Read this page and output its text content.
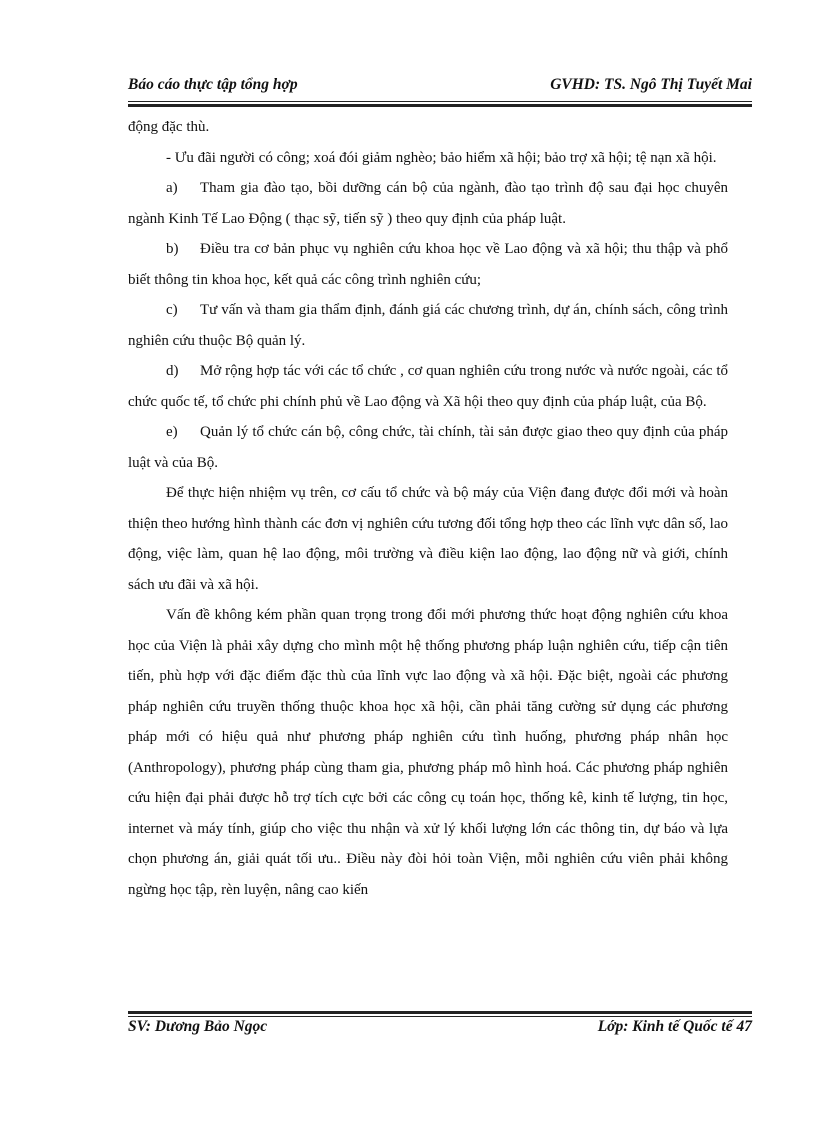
Báo cáo thực tập tổng hợp	GVHD: TS. Ngô Thị Tuyết Mai

động đặc thù.

- Ưu đãi người có công; xoá đói giảm nghèo; bảo hiểm xã hội; bảo trợ xã hội; tệ nạn xã hội.

a) Tham gia đào tạo, bồi dưỡng cán bộ của ngành, đào tạo trình độ sau đại học chuyên ngành Kinh Tế Lao Động ( thạc sỹ, tiến sỹ ) theo quy định của pháp luật.

b) Điều tra cơ bản phục vụ nghiên cứu khoa học về Lao động và xã hội; thu thập và phổ biết thông tin khoa học, kết quả các công trình nghiên cứu;

c) Tư vấn và tham gia thẩm định, đánh giá các chương trình, dự án, chính sách, công trình nghiên cứu thuộc Bộ quản lý.

d) Mở rộng hợp tác với các tổ chức , cơ quan nghiên cứu trong nước và nước ngoài, các tổ chức quốc tế, tổ chức phi chính phủ về Lao động và Xã hội theo quy định của pháp luật, của Bộ.

e) Quản lý tổ chức cán bộ, công chức, tài chính, tài sản được giao theo quy định của pháp luật và của Bộ.

Để thực hiện nhiệm vụ trên, cơ cấu tổ chức và bộ máy của Viện đang được đổi mới và hoàn thiện theo hướng hình thành các đơn vị nghiên cứu tương đối tổng hợp theo các lĩnh vực dân số, lao động, việc làm, quan hệ lao động, môi trường và điều kiện lao động, lao động nữ và giới, chính sách ưu đãi và xã hội.

Vấn đề không kém phần quan trọng trong đổi mới phương thức hoạt động nghiên cứu khoa học của Viện là phải xây dựng cho mình một hệ thống phương pháp luận nghiên cứu, tiếp cận tiên tiến, phù hợp với đặc điểm đặc thù của lĩnh vực lao động và xã hội. Đặc biệt, ngoài các phương pháp nghiên cứu truyền thống thuộc khoa học xã hội, cần phải tăng cường sử dụng các phương pháp mới có hiệu quả như phương pháp nghiên cứu tình huống, phương pháp nhân học (Anthropology), phương pháp cùng tham gia, phương pháp mô hình hoá. Các phương pháp nghiên cứu hiện đại phải được hỗ trợ tích cực bởi các công cụ toán học, thống kê, kinh tế lượng, tin học, internet và máy tính, giúp cho việc thu nhận và xử lý khối lượng lớn các thông tin, dự báo và lựa chọn phương án, giải quát tối ưu.. Điều này đòi hỏi toàn Viện, mỗi nghiên cứu viên phải không ngừng học tập, rèn luyện, nâng cao kiến

SV: Dương Bảo Ngọc	Lớp: Kinh tế Quốc tế 47
